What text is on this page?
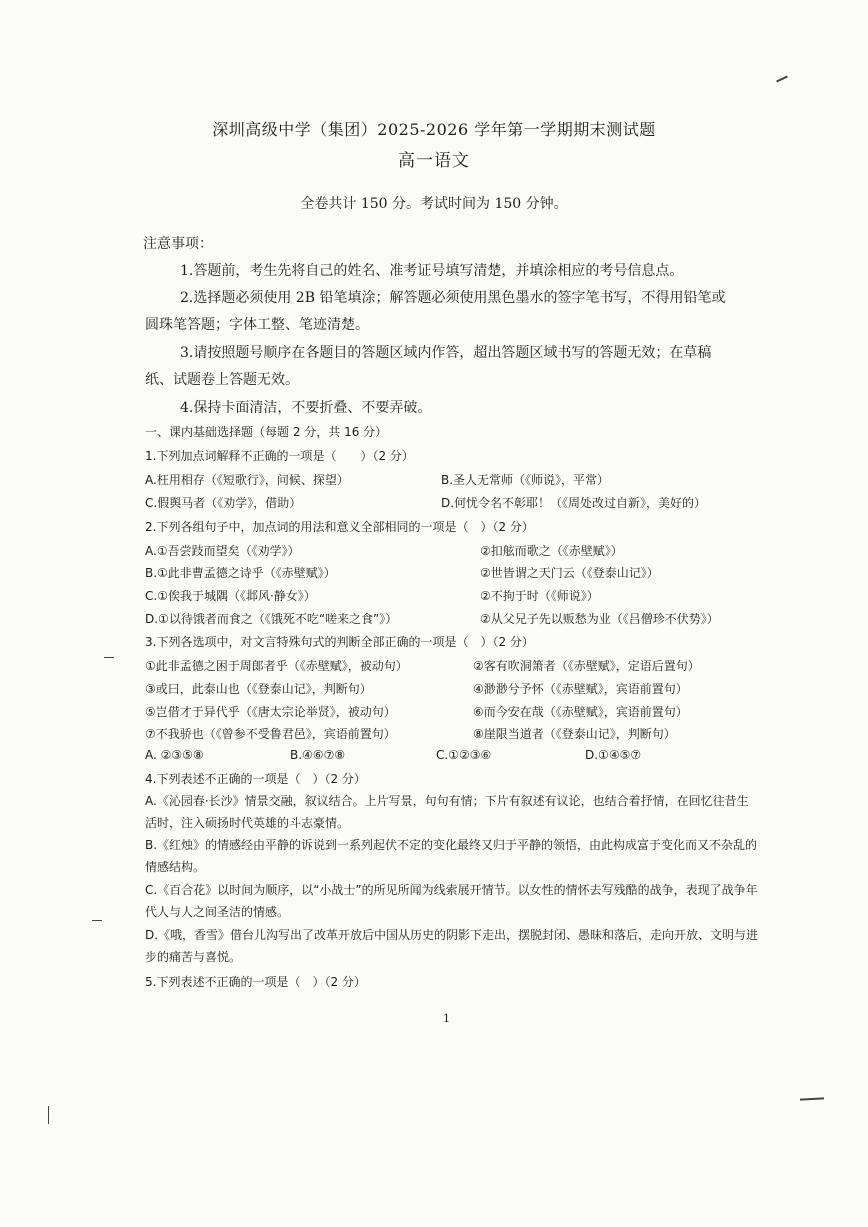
深圳高级中学（集团）2025-2026 学年第一学期期末测试题
高一语文
全卷共计 150 分。考试时间为 150 分钟。
注意事项：
1.答题前，考生先将自己的姓名、准考证号填写清楚，并填涂相应的考号信息点。
2.选择题必须使用 2B 铅笔填涂；解答题必须使用黑色墨水的签字笔书写，不得用铅笔或
圆珠笔答题；字体工整、笔迹清楚。
3.请按照题号顺序在各题目的答题区域内作答，超出答题区域书写的答题无效；在草稿
纸、试题卷上答题无效。
4.保持卡面清洁，不要折叠、不要弄破。
一、课内基础选择题（每题 2 分，共 16 分）
1.下列加点词解释不正确的一项是（　　）（2 分）
A.枉用相存（《短歌行》，问候、探望）	B.圣人无常师（《师说》，平常）
C.假舆马者（《劝学》，借助）	D.何忧令名不彰耶！（《周处改过自新》，美好的）
2.下列各组句子中，加点词的用法和意义全部相同的一项是（　）（2 分）
A.①吾尝跂而望矣（《劝学》）	②扣舷而歌之（《赤壁赋》）
B.①此非曹孟德之诗乎（《赤壁赋》）	②世皆谓之天门云（《登泰山记》）
C.①俟我于城隅（《邶风·静女》）	②不拘于时（《师说》）
D.①以待饿者而食之（《饿死不吃“嗟来之食”》）	②从父兄子先以贩愁为业（《吕僧珍不伏势》）
3.下列各选项中，对文言特殊句式的判断全部正确的一项是（　）（2 分）
①此非孟德之困于周郎者乎（《赤壁赋》，被动句）	②客有吹洞箫者（《赤壁赋》，定语后置句）
③或曰，此泰山也（《登泰山记》，判断句）	④渺渺兮予怀（《赤壁赋》，宾语前置句）
⑤岂借才于异代乎（《唐太宗论举贤》，被动句）	⑥而今安在哉（《赤壁赋》，宾语前置句）
⑦不我骄也（《曾参不受鲁君邑》，宾语前置句）	⑧崖限当道者（《登泰山记》，判断句）
A. ②③⑤⑧	B.④⑥⑦⑧	C.①②③⑥	D.①④⑤⑦
4.下列表述不正确的一项是（　）（2 分）
A.《沁园春·长沙》情景交融，叙议结合。上片写景，句句有情；下片有叙述有议论，也结合着抒情，在回忆往昔生活时，注入硕扬时代英雄的斗志豪情。
B.《红烛》的情感经由平静的诉说到一系列起伏不定的变化最终又归于平静的领悟，由此构成富于变化而又不杂乱的情感结构。
C.《百合花》以时间为顺序，以“小战士”的所见所闻为线索展开情节。以女性的情怀去写残酷的战争，表现了战争年代人与人之间圣洁的情感。
D.《哦，香雪》借台儿沟写出了改革开放后中国从历史的阴影下走出，摆脱封闭、愚昧和落后，走向开放、文明与进步的痛苦与喜悦。
5.下列表述不正确的一项是（　）（2 分）
1
